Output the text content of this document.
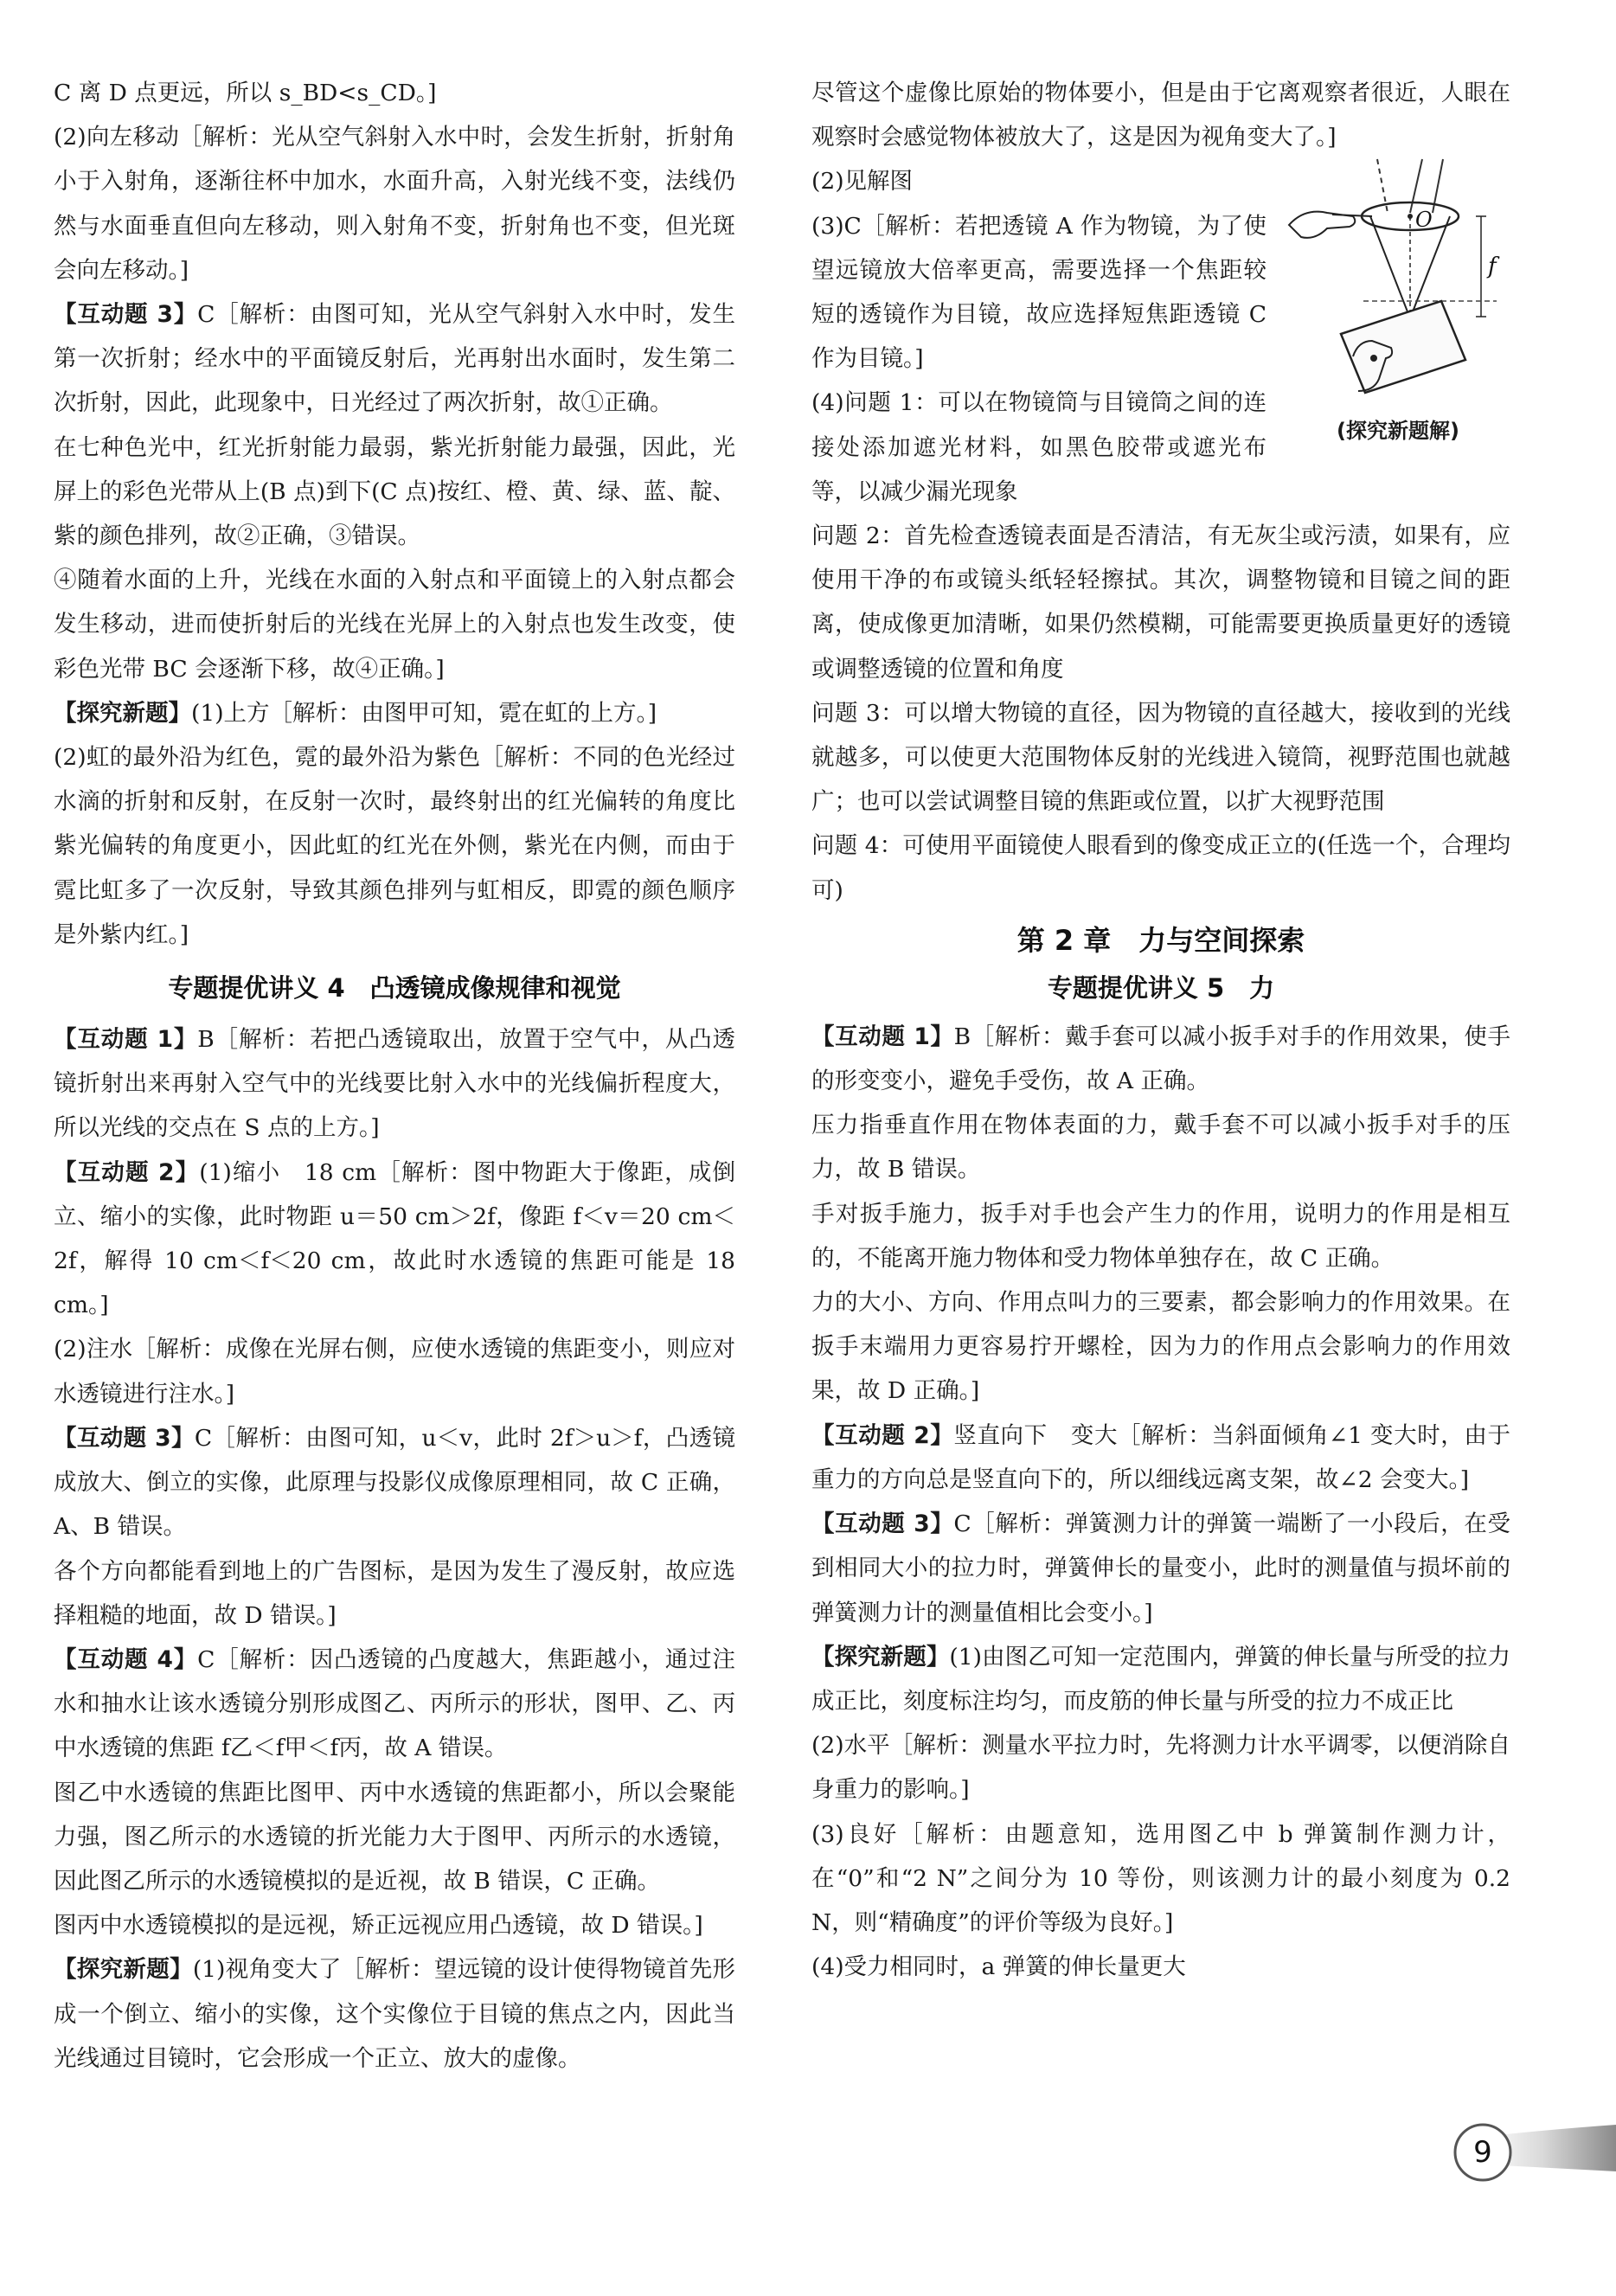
C 离 D 点更远，所以 s_BD<s_CD。]

(2)向左移动［解析：光从空气斜射入水中时，会发生折射，折射角小于入射角，逐渐往杯中加水，水面升高，入射光线不变，法线仍然与水面垂直但向左移动，则入射角不变，折射角也不变，但光斑会向左移动。]

【互动题 3】C［解析：由图可知，光从空气斜射入水中时，发生第一次折射；经水中的平面镜反射后，光再射出水面时，发生第二次折射，因此，此现象中，日光经过了两次折射，故①正确。

在七种色光中，红光折射能力最弱，紫光折射能力最强，因此，光屏上的彩色光带从上(B 点)到下(C 点)按红、橙、黄、绿、蓝、靛、紫的颜色排列，故②正确，③错误。

④随着水面的上升，光线在水面的入射点和平面镜上的入射点都会发生移动，进而使折射后的光线在光屏上的入射点也发生改变，使彩色光带 BC 会逐渐下移，故④正确。]

【探究新题】(1)上方［解析：由图甲可知，霓在虹的上方。]

(2)虹的最外沿为红色，霓的最外沿为紫色［解析：不同的色光经过水滴的折射和反射，在反射一次时，最终射出的红光偏转的角度比紫光偏转的角度更小，因此虹的红光在外侧，紫光在内侧，而由于霓比虹多了一次反射，导致其颜色排列与虹相反，即霓的颜色顺序是外紫内红。]

专题提优讲义 4　凸透镜成像规律和视觉

【互动题 1】B［解析：若把凸透镜取出，放置于空气中，从凸透镜折射出来再射入空气中的光线要比射入水中的光线偏折程度大，所以光线的交点在 S 点的上方。]

【互动题 2】(1)缩小　18 cm［解析：图中物距大于像距，成倒立、缩小的实像，此时物距 u＝50 cm＞2f，像距 f＜v＝20 cm＜2f，解得 10 cm＜f＜20 cm，故此时水透镜的焦距可能是 18 cm。]

(2)注水［解析：成像在光屏右侧，应使水透镜的焦距变小，则应对水透镜进行注水。]

【互动题 3】C［解析：由图可知，u＜v，此时 2f＞u＞f，凸透镜成放大、倒立的实像，此原理与投影仪成像原理相同，故 C 正确，A、B 错误。

各个方向都能看到地上的广告图标，是因为发生了漫反射，故应选择粗糙的地面，故 D 错误。]

【互动题 4】C［解析：因凸透镜的凸度越大，焦距越小，通过注水和抽水让该水透镜分别形成图乙、丙所示的形状，图甲、乙、丙中水透镜的焦距 f乙＜f甲＜f丙，故 A 错误。

图乙中水透镜的焦距比图甲、丙中水透镜的焦距都小，所以会聚能力强，图乙所示的水透镜的折光能力大于图甲、丙所示的水透镜，因此图乙所示的水透镜模拟的是近视，故 B 错误，C 正确。

图丙中水透镜模拟的是远视，矫正远视应用凸透镜，故 D 错误。]

【探究新题】(1)视角变大了［解析：望远镜的设计使得物镜首先形成一个倒立、缩小的实像，这个实像位于目镜的焦点之内，因此当光线通过目镜时，它会形成一个正立、放大的虚像。

尽管这个虚像比原始的物体要小，但是由于它离观察者很近，人眼在观察时会感觉物体被放大了，这是因为视角变大了。]

O
f
(探究新题解)

(2)见解图

(3)C［解析：若把透镜 A 作为物镜，为了使望远镜放大倍率更高，需要选择一个焦距较短的透镜作为目镜，故应选择短焦距透镜 C 作为目镜。]

(4)问题 1：可以在物镜筒与目镜筒之间的连接处添加遮光材料，如黑色胶带或遮光布等，以减少漏光现象

问题 2：首先检查透镜表面是否清洁，有无灰尘或污渍，如果有，应使用干净的布或镜头纸轻轻擦拭。其次，调整物镜和目镜之间的距离，使成像更加清晰，如果仍然模糊，可能需要更换质量更好的透镜或调整透镜的位置和角度

问题 3：可以增大物镜的直径，因为物镜的直径越大，接收到的光线就越多，可以使更大范围物体反射的光线进入镜筒，视野范围也就越广；也可以尝试调整目镜的焦距或位置，以扩大视野范围

问题 4：可使用平面镜使人眼看到的像变成正立的(任选一个，合理均可)

第 2 章　力与空间探索
专题提优讲义 5　力

【互动题 1】B［解析：戴手套可以减小扳手对手的作用效果，使手的形变变小，避免手受伤，故 A 正确。

压力指垂直作用在物体表面的力，戴手套不可以减小扳手对手的压力，故 B 错误。

手对扳手施力，扳手对手也会产生力的作用，说明力的作用是相互的，不能离开施力物体和受力物体单独存在，故 C 正确。

力的大小、方向、作用点叫力的三要素，都会影响力的作用效果。在扳手末端用力更容易拧开螺栓，因为力的作用点会影响力的作用效果，故 D 正确。]

【互动题 2】竖直向下　变大［解析：当斜面倾角∠1 变大时，由于重力的方向总是竖直向下的，所以细线远离支架，故∠2 会变大。]

【互动题 3】C［解析：弹簧测力计的弹簧一端断了一小段后，在受到相同大小的拉力时，弹簧伸长的量变小，此时的测量值与损坏前的弹簧测力计的测量值相比会变小。]

【探究新题】(1)由图乙可知一定范围内，弹簧的伸长量与所受的拉力成正比，刻度标注均匀，而皮筋的伸长量与所受的拉力不成正比

(2)水平［解析：测量水平拉力时，先将测力计水平调零，以便消除自身重力的影响。]

(3)良好［解析：由题意知，选用图乙中 b 弹簧制作测力计，在“0”和“2 N”之间分为 10 等份，则该测力计的最小刻度为 0.2 N，则“精确度”的评价等级为良好。]

(4)受力相同时，a 弹簧的伸长量更大

9
